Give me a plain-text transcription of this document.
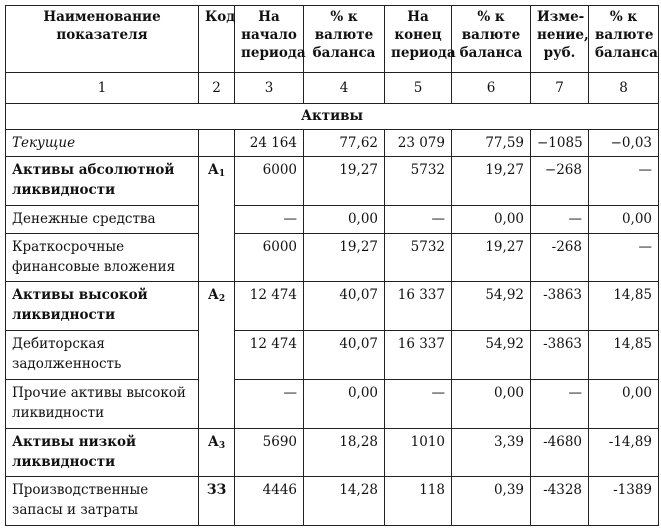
Наименование показателя	Код	На начало периода	% к валюте баланса	На конец периода	% к валюте баланса	Изме-нение, руб.	% к валюте баланса
1	2	3	4	5	6	7	8
Активы							
Текущие		24 164	77,62	23 079	77,59	−1085	−0,03
Активы абсолютной ликвидности	$А_1$	6000	19,27	5732	19,27	−268	—
Денежные средства		—	0,00	—	0,00	—	0,00
Краткосрочные финансовые вложения		6000	19,27	5732	19,27	-268	—
Активы высокой ликвидности	$А_2$	12 474	40,07	16 337	54,92	-3863	14,85
Дебиторская задолженность		12 474	40,07	16 337	54,92	-3863	14,85
Прочие активы высокой ликвидности		—	0,00	—	0,00	—	0,00
Активы низкой ликвидности	$А_3$	5690	18,28	1010	3,39	-4680	-14,89
Производственные запасы и затраты	ЗЗ	4446	14,28	118	0,39	-4328	-1389
